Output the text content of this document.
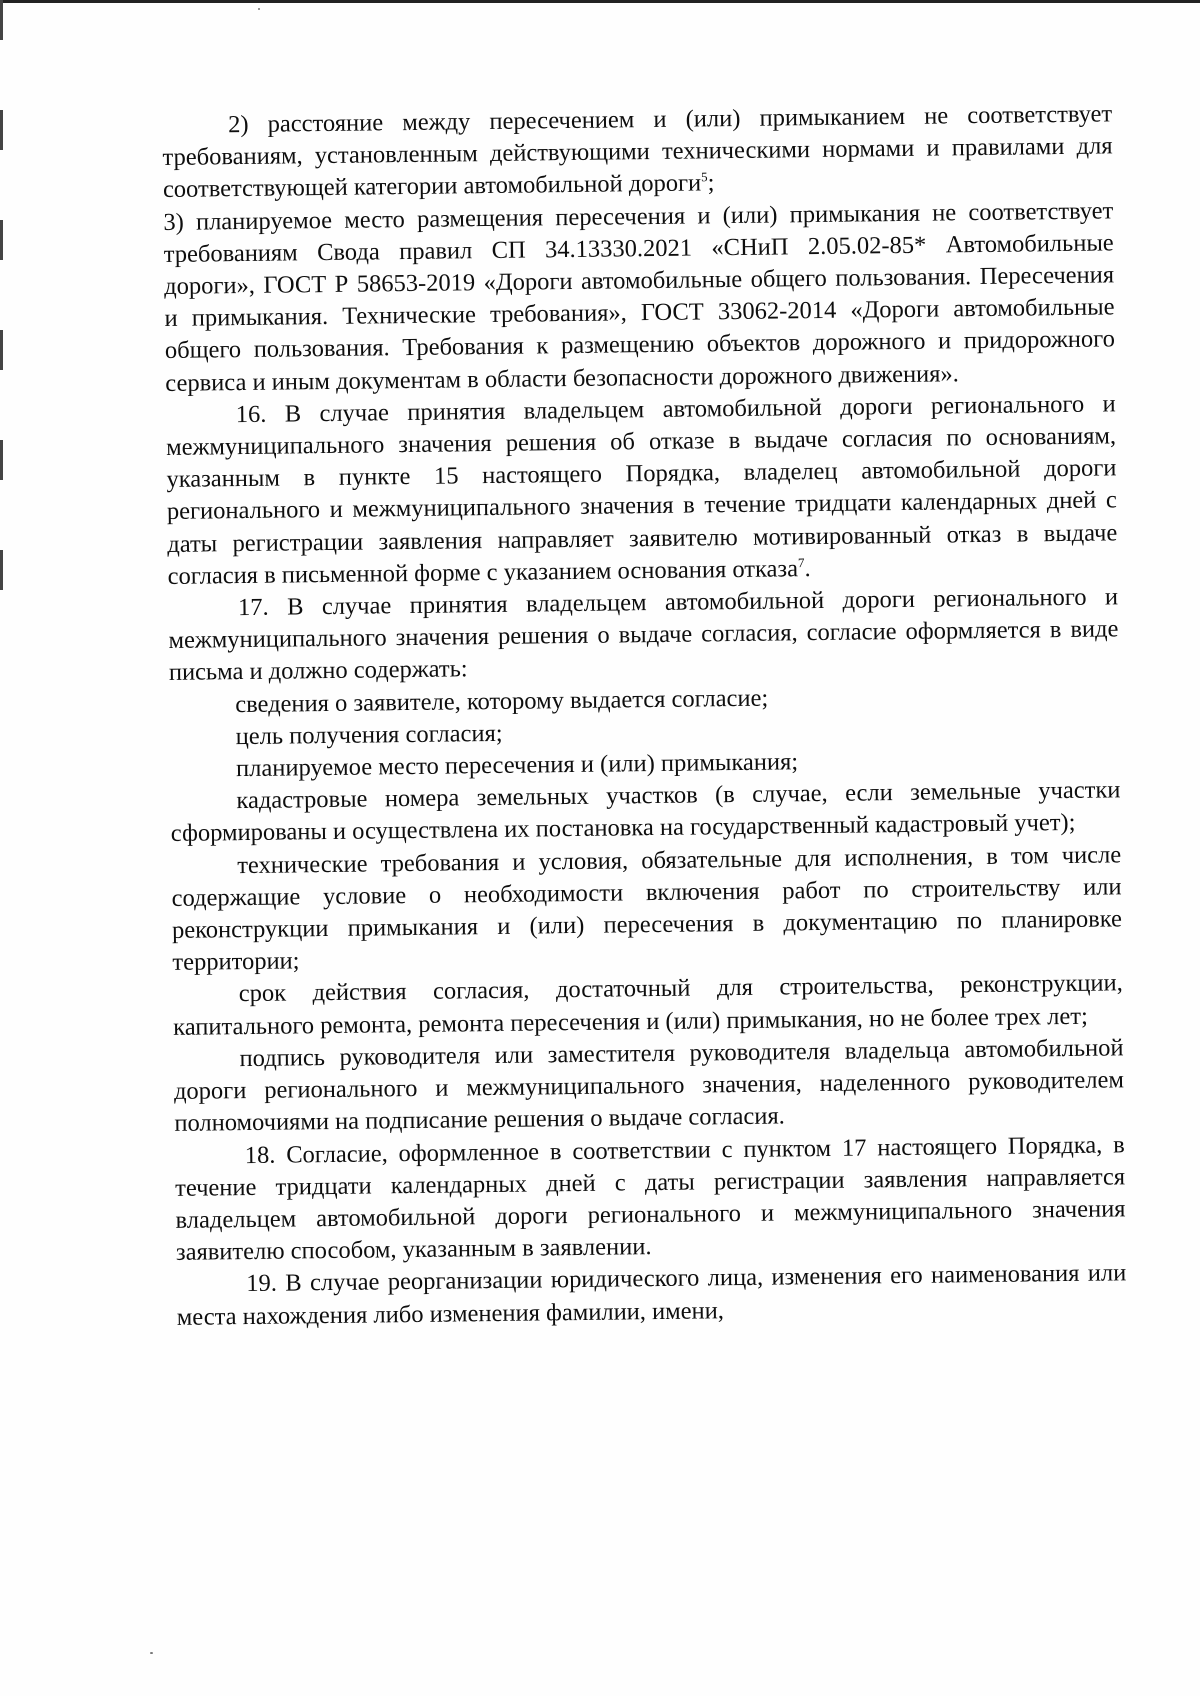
2) расстояние между пересечением и (или) примыканием не соответствует требованиям, установленным действующими техническими нормами и правилами для соответствующей категории автомобильной дороги$^5$;

3) планируемое место размещения пересечения и (или) примыкания не соответствует требованиям Свода правил СП 34.13330.2021 «СНиП 2.05.02-85* Автомобильные дороги», ГОСТ Р 58653-2019 «Дороги автомобильные общего пользования. Пересечения и примыкания. Технические требования», ГОСТ 33062-2014 «Дороги автомобильные общего пользования. Требования к размещению объектов дорожного и придорожного сервиса и иным документам в области безопасности дорожного движения».

16. В случае принятия владельцем автомобильной дороги регионального и межмуниципального значения решения об отказе в выдаче согласия по основаниям, указанным в пункте 15 настоящего Порядка, владелец автомобильной дороги регионального и межмуниципального значения в течение тридцати календарных дней с даты регистрации заявления направляет заявителю мотивированный отказ в выдаче согласия в письменной форме с указанием основания отказа$^7$.

17. В случае принятия владельцем автомобильной дороги регионального и межмуниципального значения решения о выдаче согласия, согласие оформляется в виде письма и должно содержать:

сведения о заявителе, которому выдается согласие;

цель получения согласия;

планируемое место пересечения и (или) примыкания;

кадастровые номера земельных участков (в случае, если земельные участки сформированы и осуществлена их постановка на государственный кадастровый учет);

технические требования и условия, обязательные для исполнения, в том числе содержащие условие о необходимости включения работ по строительству или реконструкции примыкания и (или) пересечения в документацию по планировке территории;

срок действия согласия, достаточный для строительства, реконструкции, капитального ремонта, ремонта пересечения и (или) примыкания, но не более трех лет;

подпись руководителя или заместителя руководителя владельца автомобильной дороги регионального и межмуниципального значения, наделенного руководителем полномочиями на подписание решения о выдаче согласия.

18. Согласие, оформленное в соответствии с пунктом 17 настоящего Порядка, в течение тридцати календарных дней с даты регистрации заявления направляется владельцем автомобильной дороги регионального и межмуниципального значения заявителю способом, указанным в заявлении.

19. В случае реорганизации юридического лица, изменения его наименования или места нахождения либо изменения фамилии, имени,
